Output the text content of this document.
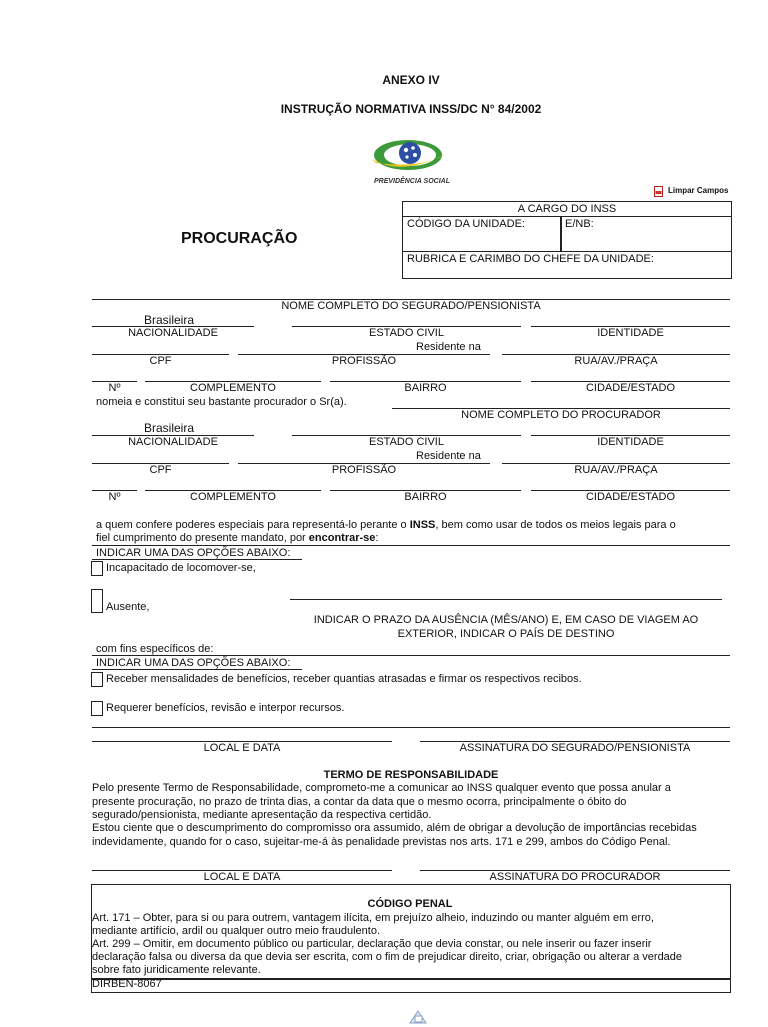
ANEXO IV
INSTRUÇÃO NORMATIVA INSS/DC N° 84/2002
PREVIDÊNCIA SOCIAL
Limpar Campos
PROCURAÇÃO
A CARGO DO INSS
CÓDIGO DA UNIDADE:	E/NB:
RUBRICA E CARIMBO DO CHEFE DA UNIDADE:
NOME COMPLETO DO SEGURADO/PENSIONISTA
Brasileira
NACIONALIDADE	ESTADO CIVIL	IDENTIDADE
Residente na
CPF	PROFISSÃO	RUA/AV./PRAÇA
Nº	COMPLEMENTO	BAIRRO	CIDADE/ESTADO
nomeia e constitui seu bastante procurador o Sr(a).
NOME COMPLETO DO PROCURADOR
Brasileira
NACIONALIDADE	ESTADO CIVIL	IDENTIDADE
Residente na
CPF	PROFISSÃO	RUA/AV./PRAÇA
Nº	COMPLEMENTO	BAIRRO	CIDADE/ESTADO
a quem confere poderes especiais para representá-lo perante o INSS, bem como usar de todos os meios legais para o
fiel cumprimento do presente mandato, por encontrar-se:
INDICAR UMA DAS OPÇÕES ABAIXO:
Incapacitado de locomover-se,
Ausente,
INDICAR O PRAZO DA AUSÊNCIA (MÊS/ANO) E, EM CASO DE VIAGEM AO
EXTERIOR, INDICAR O PAÍS DE DESTINO
com fins específicos de:
INDICAR UMA DAS OPÇÕES ABAIXO:
Receber mensalidades de benefícios, receber quantias atrasadas e firmar os respectivos recibos.
Requerer benefícios, revisão e interpor recursos.
LOCAL E DATA	ASSINATURA DO SEGURADO/PENSIONISTA
TERMO DE RESPONSABILIDADE
Pelo presente Termo de Responsabilidade, comprometo-me a comunicar ao INSS qualquer evento que possa anular a
presente procuração, no prazo de trinta dias, a contar da data que o mesmo ocorra, principalmente o óbito do
segurado/pensionista, mediante apresentação da respectiva certidão.
Estou ciente que o descumprimento do compromisso ora assumido, além de obrigar a devolução de importâncias recebidas
indevidamente, quando for o caso, sujeitar-me-á às penalidade previstas nos arts. 171 e 299, ambos do Código Penal.
LOCAL E DATA	ASSINATURA DO PROCURADOR
CÓDIGO PENAL
Art. 171 – Obter, para si ou para outrem, vantagem ilícita, em prejuízo alheio, induzindo ou manter alguém em erro,
mediante artifício, ardil ou qualquer outro meio fraudulento.
Art. 299 – Omitir, em documento público ou particular, declaração que devia constar, ou nele inserir ou fazer inserir
declaração falsa ou diversa da que devia ser escrita, com o fim de prejudicar direito, criar, obrigação ou alterar a verdade
sobre fato juridicamente relevante.
DIRBEN-8067
